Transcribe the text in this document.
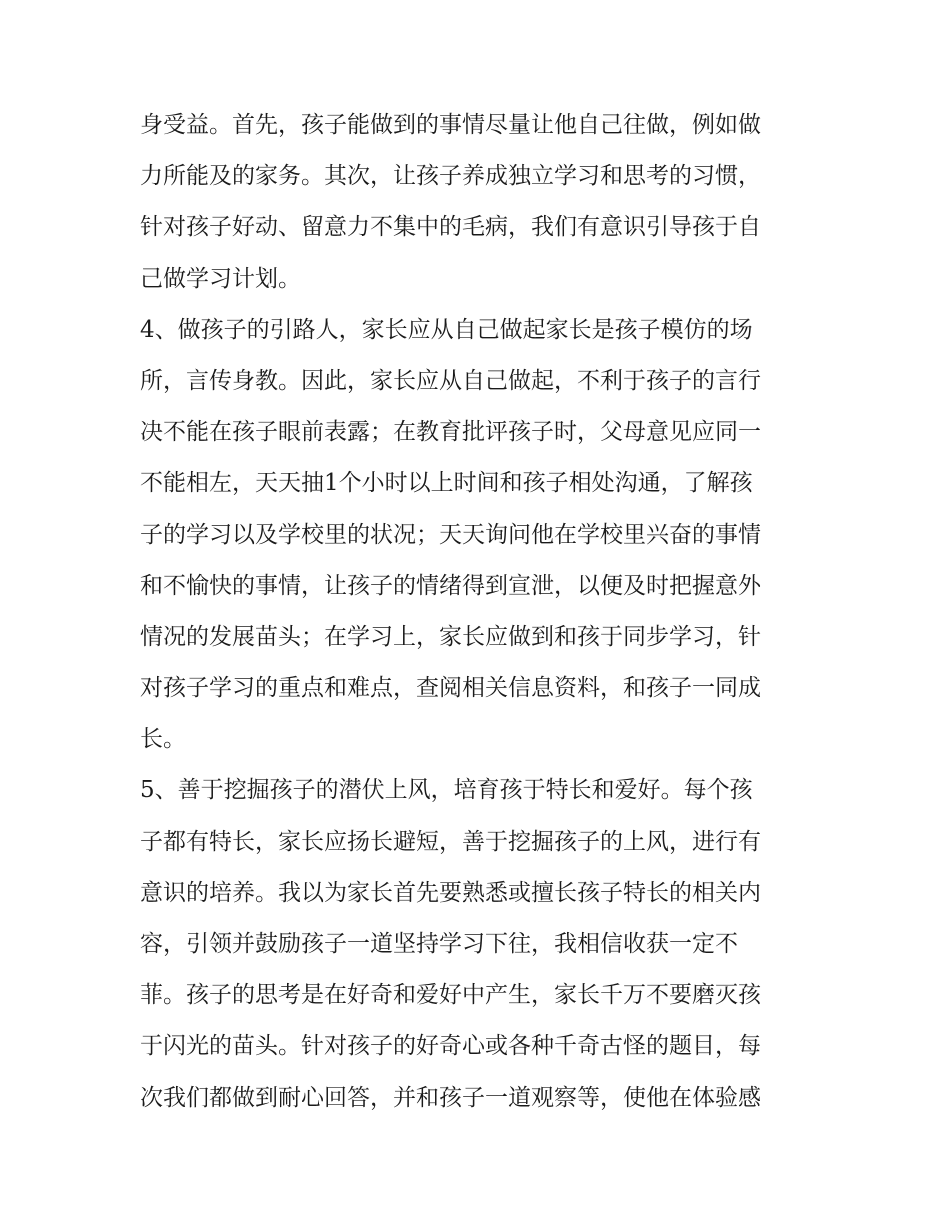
身受益。首先，孩子能做到的事情尽量让他自己往做，例如做
力所能及的家务。其次，让孩子养成独立学习和思考的习惯，
针对孩子好动、留意力不集中的毛病，我们有意识引导孩于自
己做学习计划。
4、做孩子的引路人，家长应从自己做起家长是孩子模仿的场
所，言传身教。因此，家长应从自己做起，不利于孩子的言行
决不能在孩子眼前表露；在教育批评孩子时，父母意见应同一
不能相左，天天抽1个小时以上时间和孩子相处沟通，了解孩
子的学习以及学校里的状况；天天询问他在学校里兴奋的事情
和不愉快的事情，让孩子的情绪得到宣泄，以便及时把握意外
情况的发展苗头；在学习上，家长应做到和孩于同步学习，针
对孩子学习的重点和难点，查阅相关信息资料，和孩子一同成
长。
5、善于挖掘孩子的潜伏上风，培育孩于特长和爱好。每个孩
子都有特长，家长应扬长避短，善于挖掘孩子的上风，进行有
意识的培养。我以为家长首先要熟悉或擅长孩子特长的相关内
容，引领并鼓励孩子一道坚持学习下往，我相信收获一定不
菲。孩子的思考是在好奇和爱好中产生，家长千万不要磨灭孩
于闪光的苗头。针对孩子的好奇心或各种千奇古怪的题目，每
次我们都做到耐心回答，并和孩子一道观察等，使他在体验感
